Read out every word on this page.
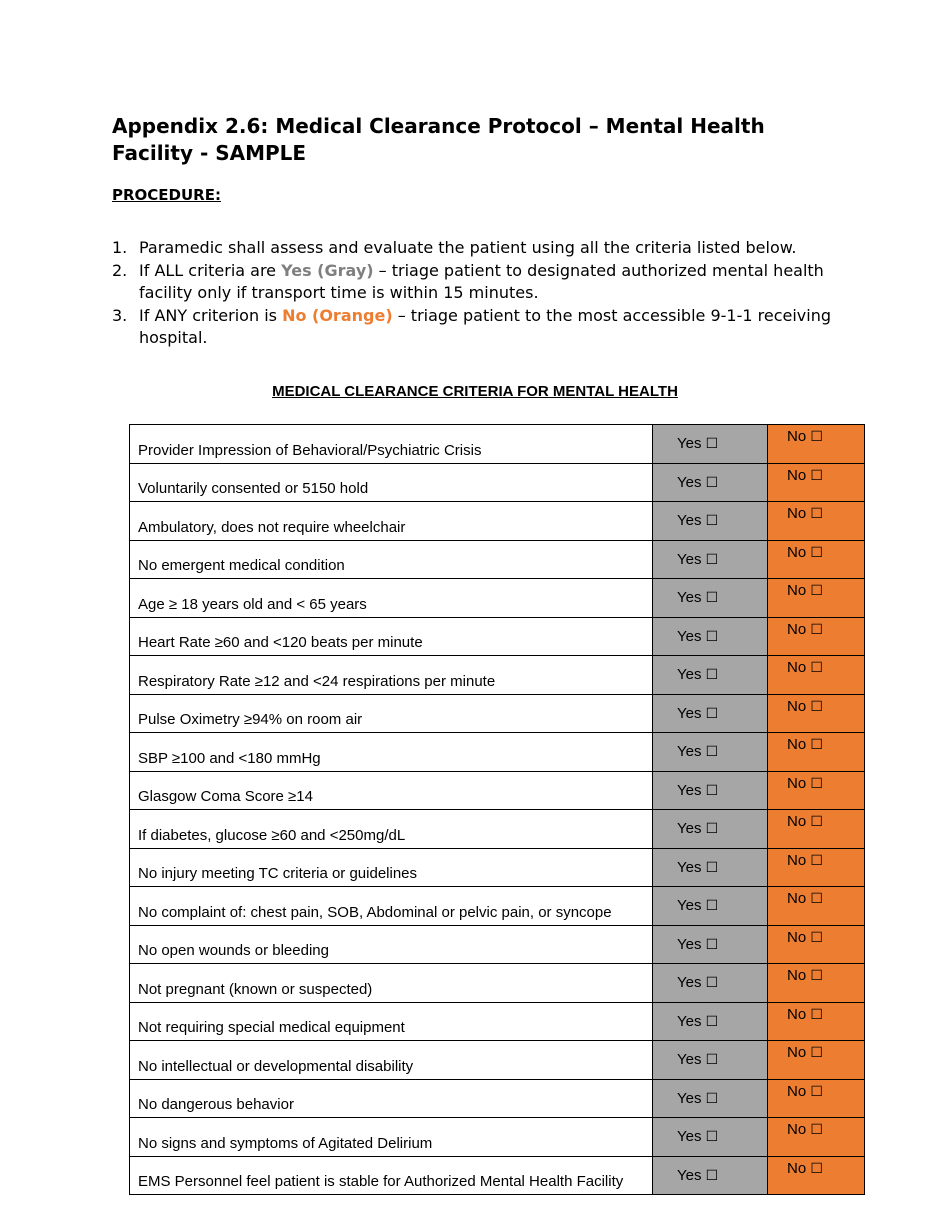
Appendix 2.6: Medical Clearance Protocol – Mental Health Facility - SAMPLE
PROCEDURE:
1. Paramedic shall assess and evaluate the patient using all the criteria listed below.
2. If ALL criteria are Yes (Gray) – triage patient to designated authorized mental health facility only if transport time is within 15 minutes.
3. If ANY criterion is No (Orange) – triage patient to the most accessible 9-1-1 receiving hospital.
MEDICAL CLEARANCE CRITERIA FOR MENTAL HEALTH
Provider Impression of Behavioral/Psychiatric Crisis	Yes ☐	No ☐
Voluntarily consented or 5150 hold	Yes ☐	No ☐
Ambulatory, does not require wheelchair	Yes ☐	No ☐
No emergent medical condition	Yes ☐	No ☐
Age ≥ 18 years old and < 65 years	Yes ☐	No ☐
Heart Rate ≥60 and <120 beats per minute	Yes ☐	No ☐
Respiratory Rate ≥12 and <24 respirations per minute	Yes ☐	No ☐
Pulse Oximetry ≥94% on room air	Yes ☐	No ☐
SBP ≥100 and <180 mmHg	Yes ☐	No ☐
Glasgow Coma Score ≥14	Yes ☐	No ☐
If diabetes, glucose ≥60 and <250mg/dL	Yes ☐	No ☐
No injury meeting TC criteria or guidelines	Yes ☐	No ☐
No complaint of: chest pain, SOB, Abdominal or pelvic pain, or syncope	Yes ☐	No ☐
No open wounds or bleeding	Yes ☐	No ☐
Not pregnant (known or suspected)	Yes ☐	No ☐
Not requiring special medical equipment	Yes ☐	No ☐
No intellectual or developmental disability	Yes ☐	No ☐
No dangerous behavior	Yes ☐	No ☐
No signs and symptoms of Agitated Delirium	Yes ☐	No ☐
EMS Personnel feel patient is stable for Authorized Mental Health Facility	Yes ☐	No ☐
